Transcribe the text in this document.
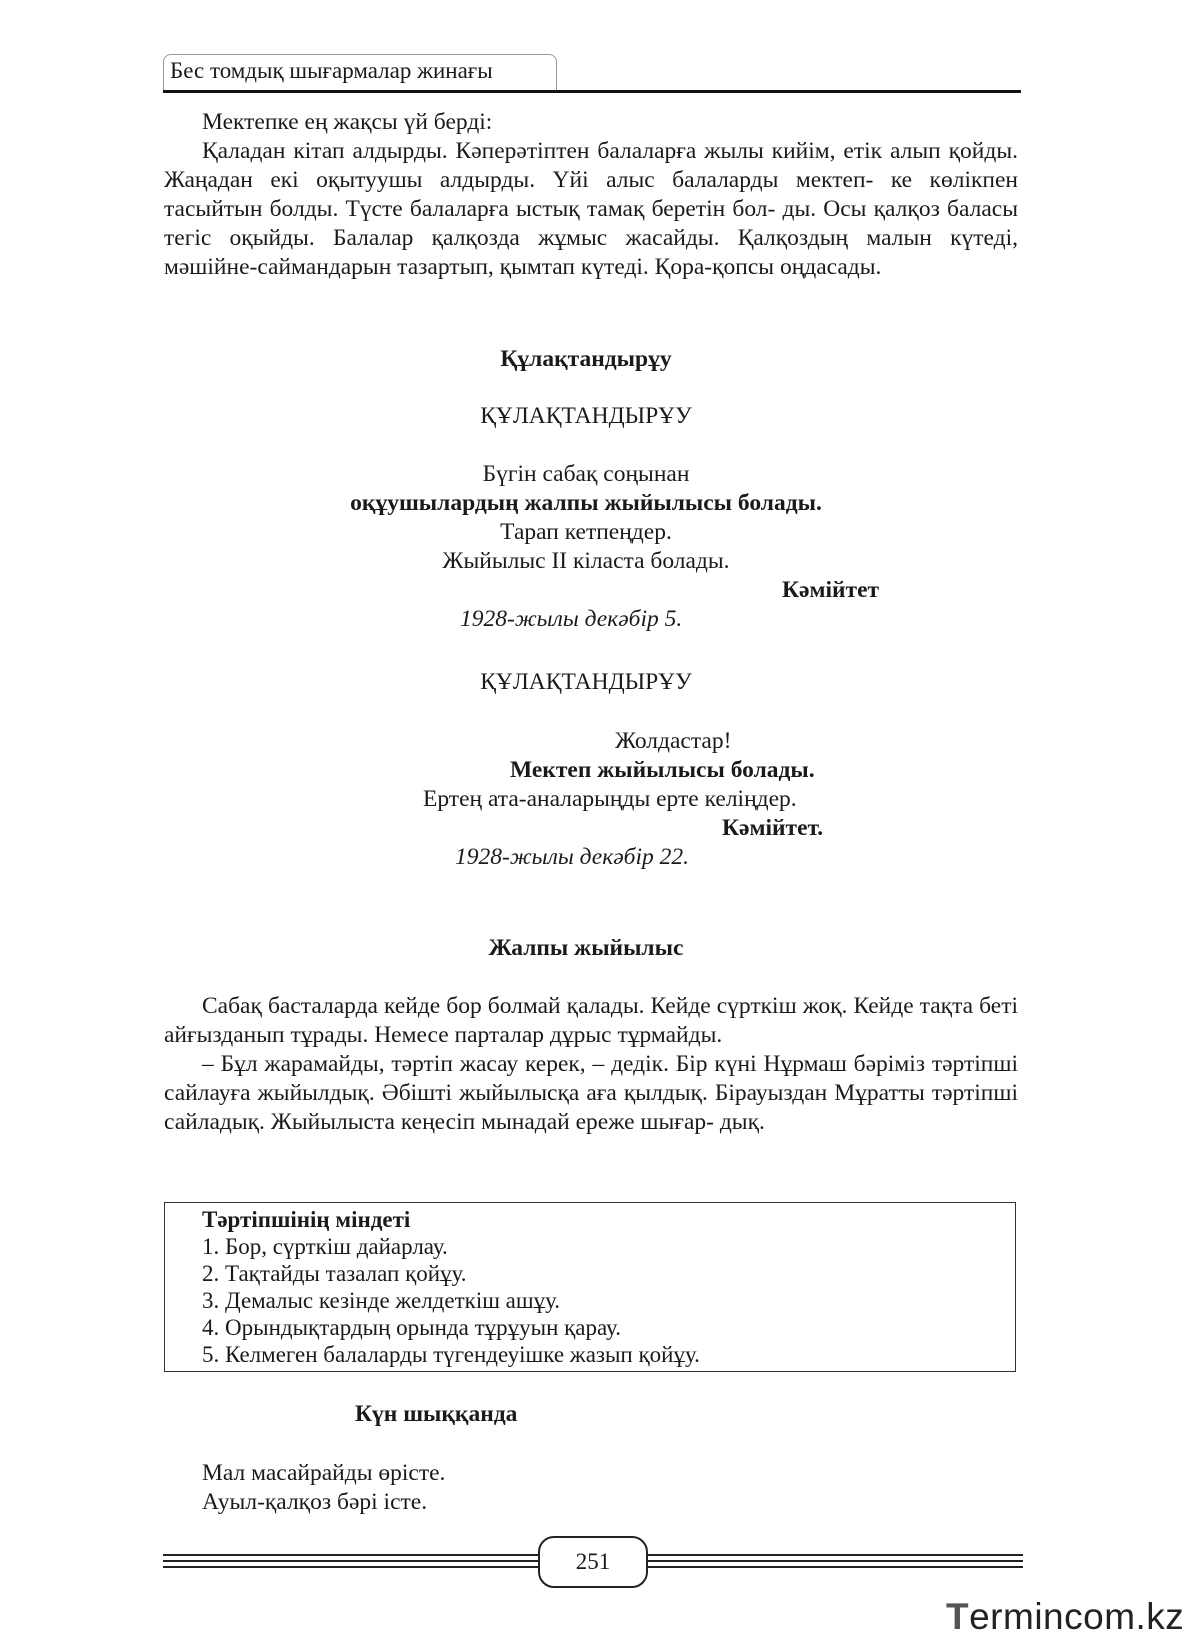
Бес томдық шығармалар жинағы

Мектепке ең жақсы үй берді:

Қаладан кітап алдырды. Кәперәтіптен балаларға жылы кийім, етік алып қойды. Жаңадан екі оқытуушы алдырды. Үйі алыс балаларды мектеп- ке көлікпен тасыйтын болды. Түсте балаларға ыстық тамақ беретін бол- ды. Осы қалқоз баласы тегіс оқыйды. Балалар қалқозда жұмыс жасайды. Қалқоздың малын күтеді, мәшійне-саймандарын тазартып, қымтап күтеді. Қора-қопсы оңдасады.

Құлақтандырұу
ҚҰЛАҚТАНДЫРҰУ
Бүгін сабақ соңынан
оқұушылардың жалпы жыйылысы болады.
Тарап кетпеңдер.
Жыйылыс II кіласта болады.
Кәмійтет
1928-жылы декәбір 5.
ҚҰЛАҚТАНДЫРҰУ
Жолдастар!
Мектеп жыйылысы болады.
Ертең ата-аналарыңды ерте келіңдер.
Кәмійтет.
1928-жылы декәбір 22.
Жалпы жыйылыс

Сабақ басталарда кейде бор болмай қалады. Кейде сүрткіш жоқ. Кейде тақта беті айғызданып тұрады. Немесе парталар дұрыс тұрмайды.

– Бұл жарамайды, тәртіп жасау керек, – дедік. Бір күні Нұрмаш бәріміз тәртіпші сайлауға жыйылдық. Әбішті жыйылысқа аға қылдық. Бірауыздан Мұратты тәртіпші сайладық. Жыйылыста кеңесіп мынадай ереже шығар- дық.

Тәртіпшінің міндеті
1. Бор, сүрткіш дайарлау.
2. Тақтайды тазалап қойұу.
3. Демалыс кезінде желдеткіш ашұу.
4. Орындықтардың орында тұрұуын қарау.
5. Келмеген балаларды түгендеуішке жазып қойұу.
Күн шыққанда
Мал масайрайды өрісте.
Ауыл-қалқоз бәрі істе.
251
Termincom.kz
